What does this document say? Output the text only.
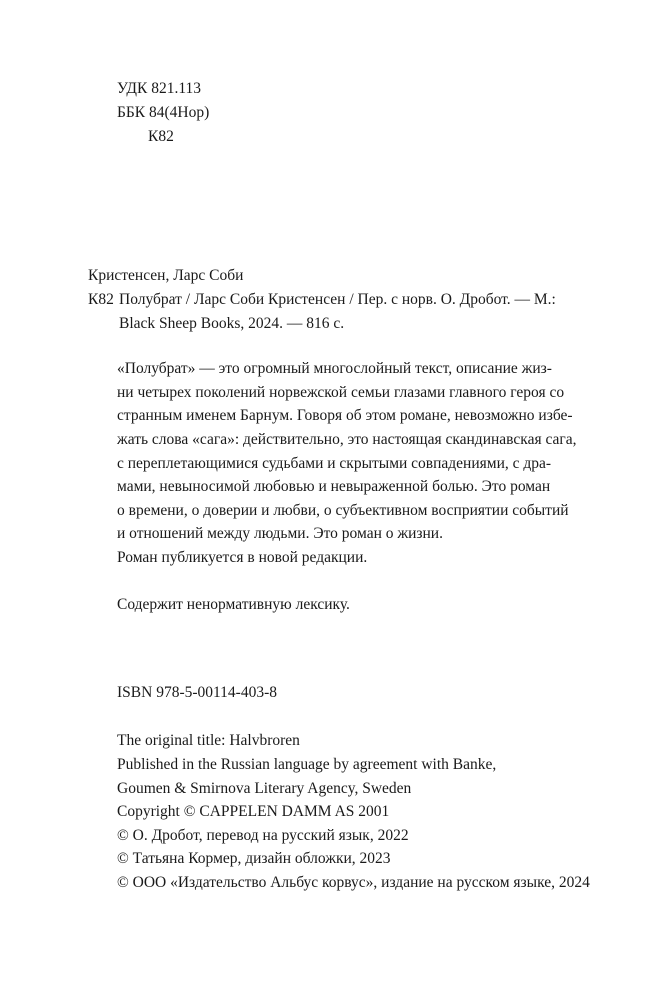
УДК 821.113
ББК 84(4Нор)
К82
Кристенсен, Ларс Соби
К82 Полубрат / Ларс Соби Кристенсен / Пер. с норв. О. Дробот. — М.:
Black Sheep Books, 2024. — 816 с.
«Полубрат» — это огромный многослойный текст, описание жиз-
ни четырех поколений норвежской семьи глазами главного героя со
странным именем Барнум. Говоря об этом романе, невозможно избе-
жать слова «сага»: действительно, это настоящая скандинавская сага,
с переплетающимися судьбами и скрытыми совпадениями, с дра-
мами, невыносимой любовью и невыраженной болью. Это роман
о времени, о доверии и любви, о субъективном восприятии событий
и отношений между людьми. Это роман о жизни.
Роман публикуется в новой редакции.
Содержит ненормативную лексику.
ISBN 978-5-00114-403-8
The original title: Halvbroren
Published in the Russian language by agreement with Banke,
Goumen & Smirnova Literary Agency, Sweden
Copyright © CAPPELEN DAMM AS 2001
© О. Дробот, перевод на русский язык, 2022
© Татьяна Кормер, дизайн обложки, 2023
© ООО «Издательство Альбус корвус», издание на русском языке, 2024
